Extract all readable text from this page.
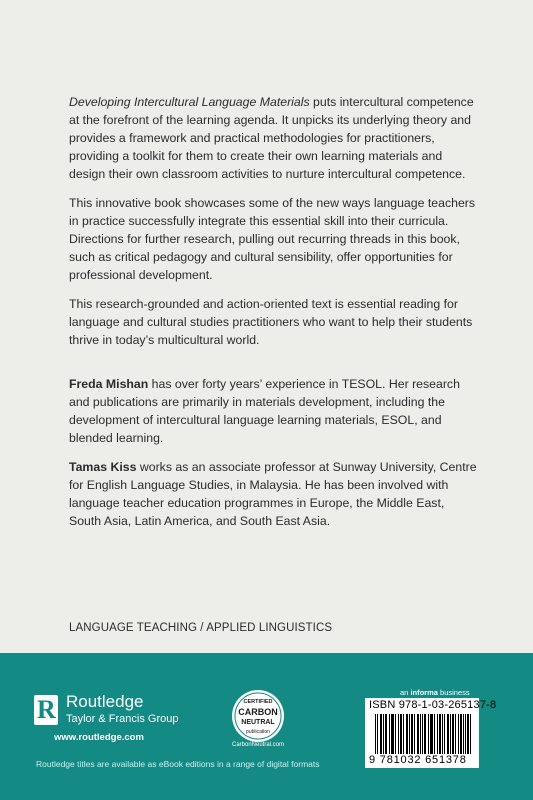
Developing Intercultural Language Materials puts intercultural competence at the forefront of the learning agenda. It unpicks its underlying theory and provides a framework and practical methodologies for practitioners, providing a toolkit for them to create their own learning materials and design their own classroom activities to nurture intercultural competence.

This innovative book showcases some of the new ways language teachers in practice successfully integrate this essential skill into their curricula. Directions for further research, pulling out recurring threads in this book, such as critical pedagogy and cultural sensibility, offer opportunities for professional development.

This research-grounded and action-oriented text is essential reading for language and cultural studies practitioners who want to help their students thrive in today’s multicultural world.

Freda Mishan has over forty years’ experience in TESOL. Her research and publications are primarily in materials development, including the development of intercultural language learning materials, ESOL, and blended learning.

Tamas Kiss works as an associate professor at Sunway University, Centre for English Language Studies, in Malaysia. He has been involved with language teacher education programmes in Europe, the Middle East, South Asia, Latin America, and South East Asia.

LANGUAGE TEACHING / APPLIED LINGUISTICS
R Routledge
Taylor & Francis Group
www.routledge.com
Routledge titles are available as eBook editions in a range of digital formats
CERTIFIED
CARBON
NEUTRAL
publication
CarbonNeutral.com
an informa business
ISBN 978-1-03-265137-8
9 781032 651378
